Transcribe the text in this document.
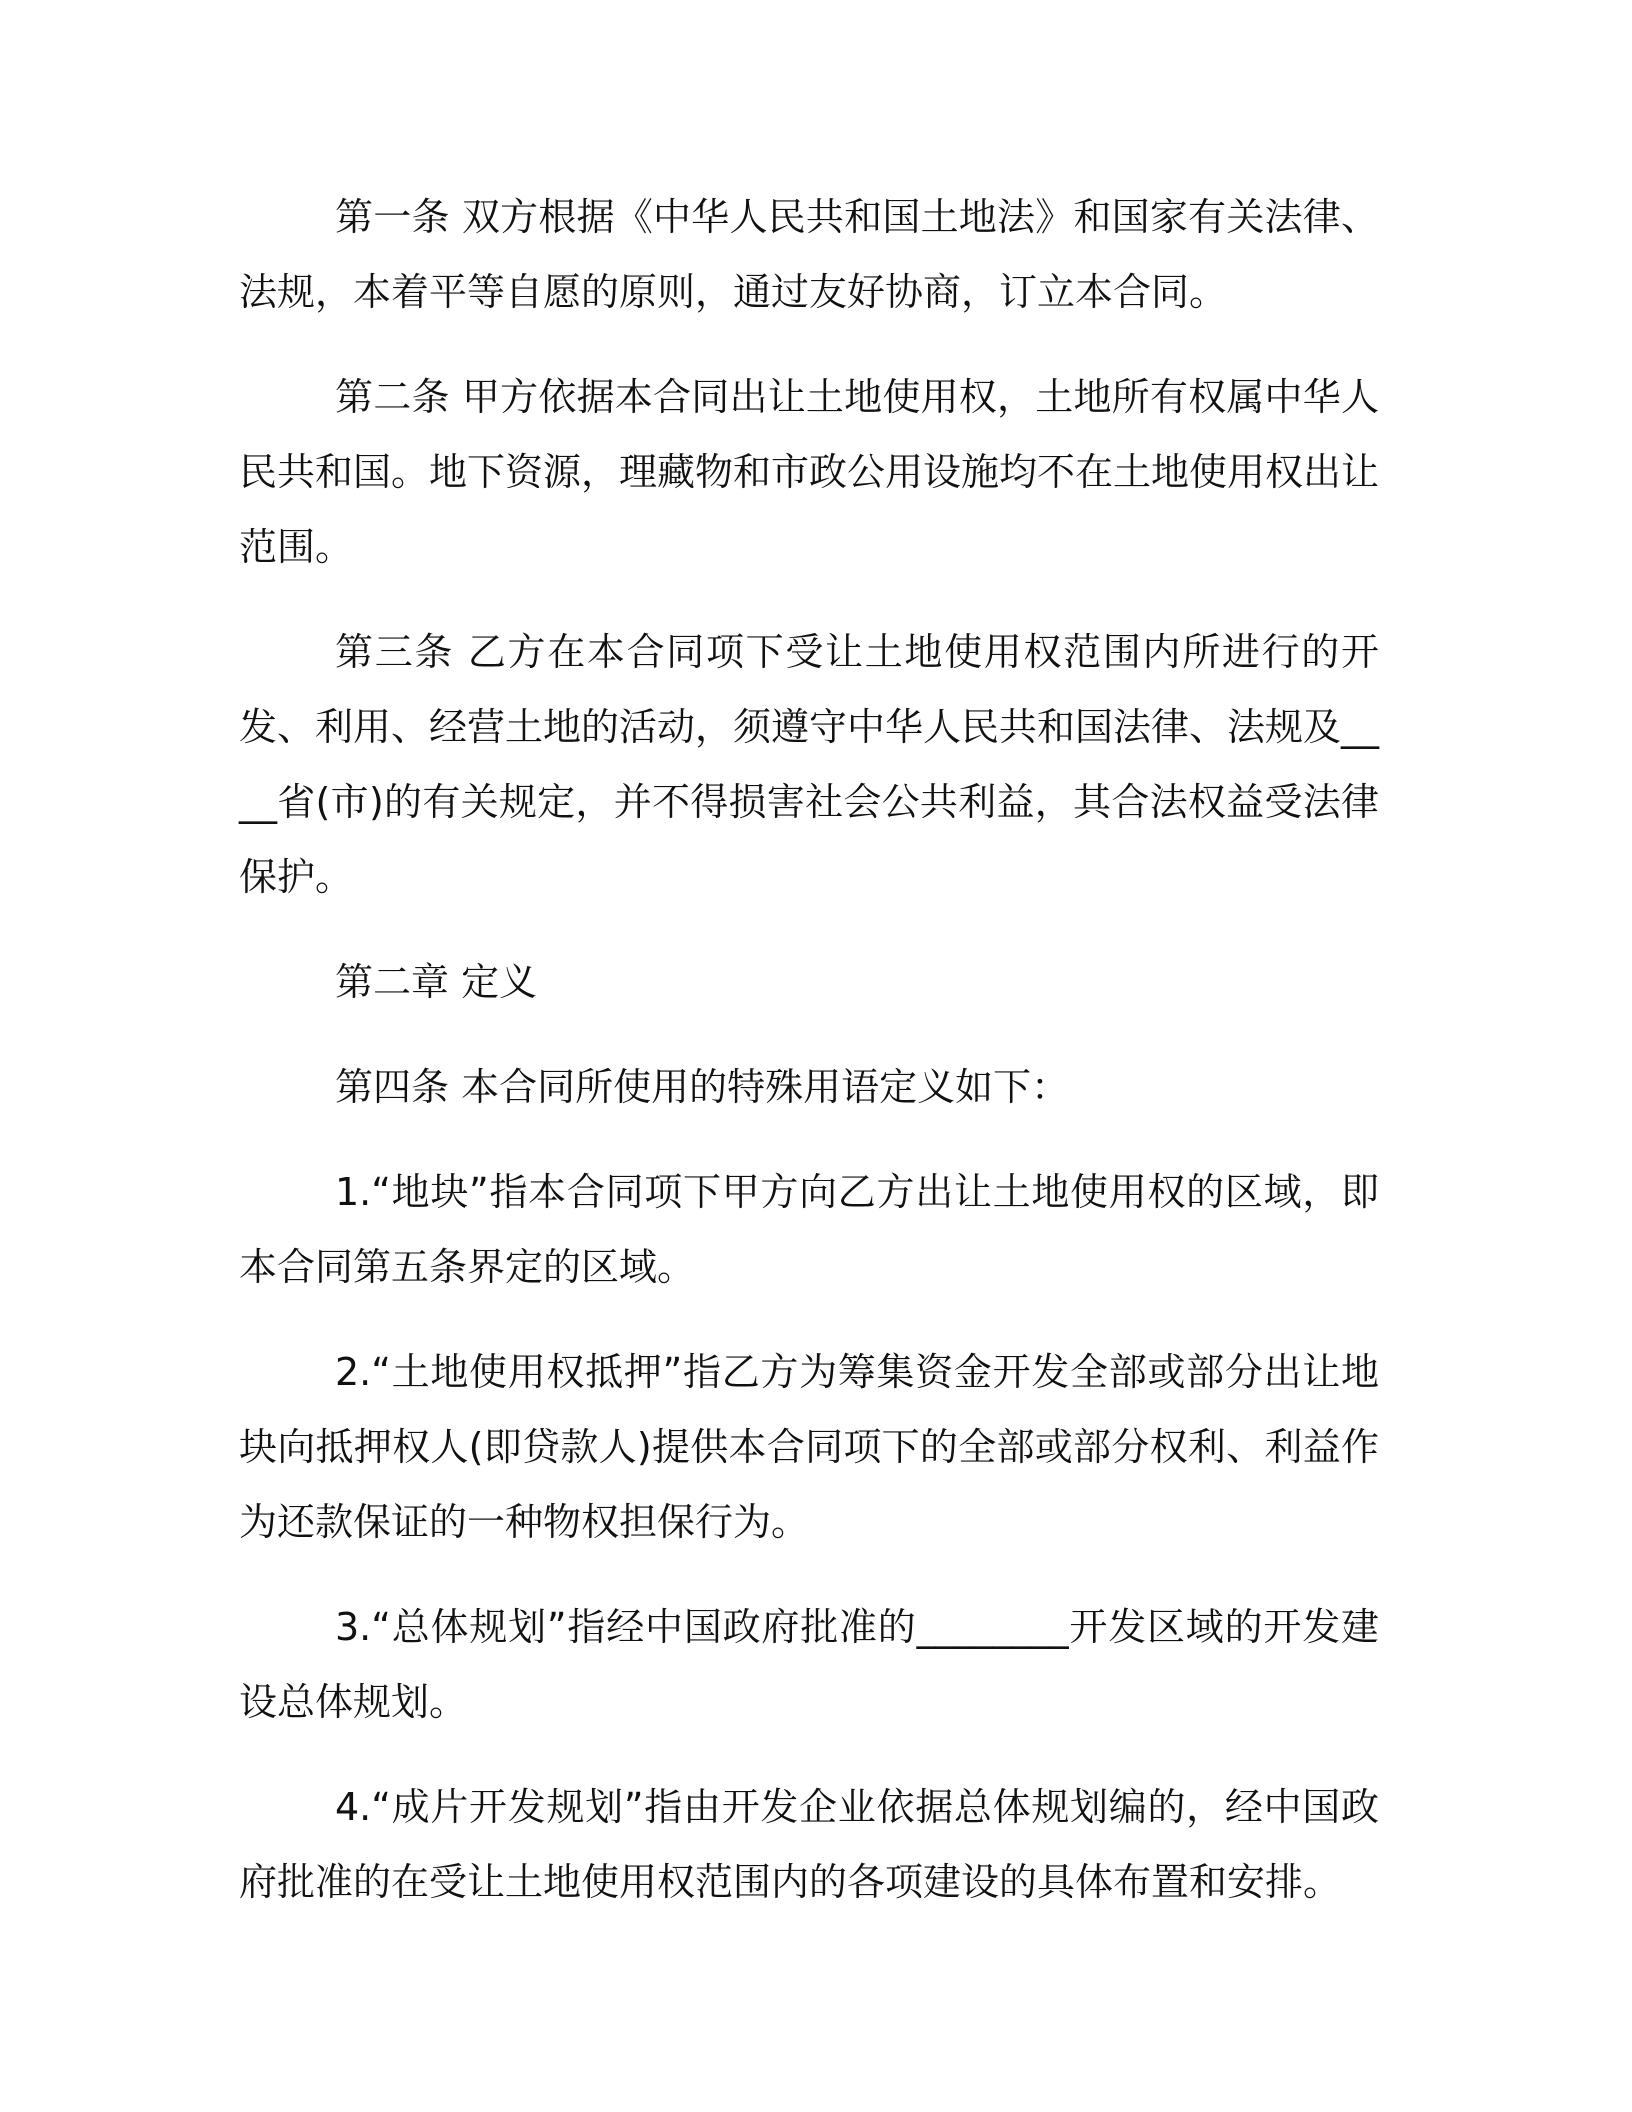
第一条 双方根据《中华人民共和国土地法》和国家有关法律、法规，本着平等自愿的原则，通过友好协商，订立本合同。

第二条 甲方依据本合同出让土地使用权，土地所有权属中华人民共和国。地下资源，理藏物和市政公用设施均不在土地使用权出让范围。

第三条 乙方在本合同项下受让土地使用权范围内所进行的开发、利用、经营土地的活动，须遵守中华人民共和国法律、法规及____省(市)的有关规定，并不得损害社会公共利益，其合法权益受法律保护。

第二章 定义

第四条 本合同所使用的特殊用语定义如下：

1.“地块”指本合同项下甲方向乙方出让土地使用权的区域，即本合同第五条界定的区域。

2.“土地使用权抵押”指乙方为筹集资金开发全部或部分出让地块向抵押权人(即贷款人)提供本合同项下的全部或部分权利、利益作为还款保证的一种物权担保行为。

3.“总体规划”指经中国政府批准的________开发区域的开发建设总体规划。

4.“成片开发规划”指由开发企业依据总体规划编的，经中国政府批准的在受让土地使用权范围内的各项建设的具体布置和安排。
